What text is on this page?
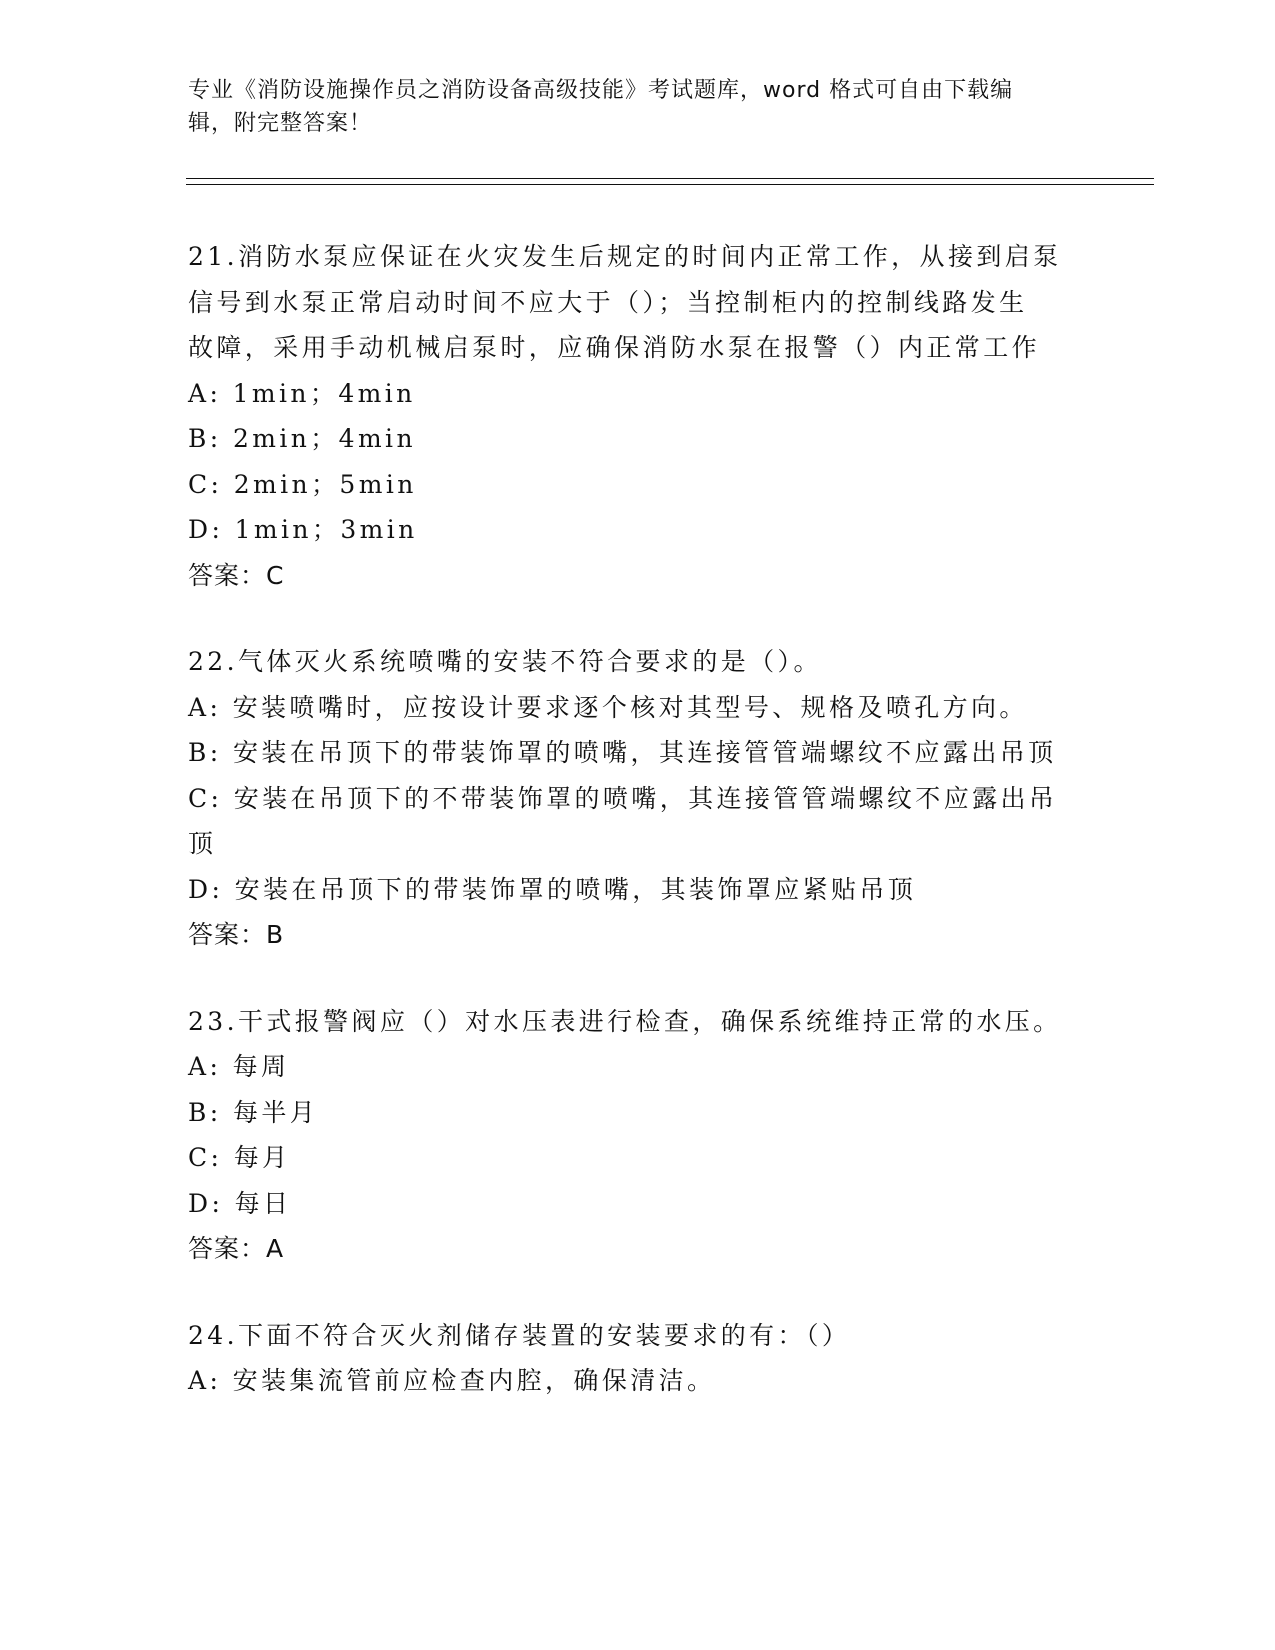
专业《消防设施操作员之消防设备高级技能》考试题库，word 格式可自由下载编
辑，附完整答案！
21.消防水泵应保证在火灾发生后规定的时间内正常工作，从接到启泵
信号到水泵正常启动时间不应大于（）；当控制柜内的控制线路发生
故障，采用手动机械启泵时，应确保消防水泵在报警（）内正常工作
A: 1min；4min
B: 2min；4min
C: 2min；5min
D: 1min；3min
答案：C
22.气体灭火系统喷嘴的安装不符合要求的是（）。
A: 安装喷嘴时，应按设计要求逐个核对其型号、规格及喷孔方向。
B: 安装在吊顶下的带装饰罩的喷嘴，其连接管管端螺纹不应露出吊顶
C: 安装在吊顶下的不带装饰罩的喷嘴，其连接管管端螺纹不应露出吊
顶
D: 安装在吊顶下的带装饰罩的喷嘴，其装饰罩应紧贴吊顶
答案：B
23.干式报警阀应（）对水压表进行检查，确保系统维持正常的水压。
A: 每周
B: 每半月
C: 每月
D: 每日
答案：A
24.下面不符合灭火剂储存装置的安装要求的有：（）
A: 安装集流管前应检查内腔，确保清洁。
